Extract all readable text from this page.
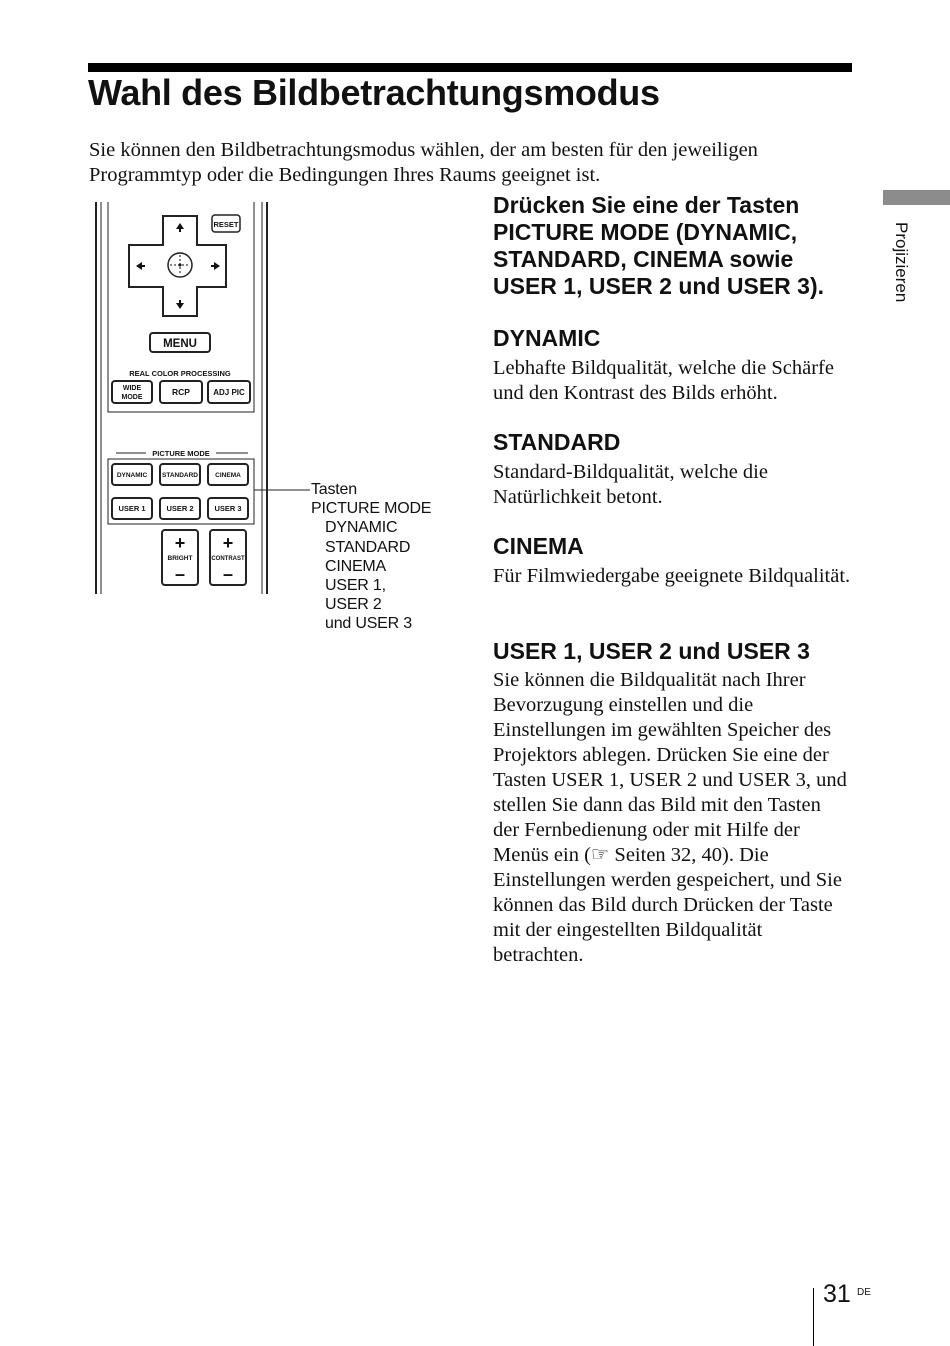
Wahl des Bildbetrachtungsmodus

Sie können den Bildbetrachtungsmodus wählen, der am besten für den jeweiligen Programmtyp oder die Bedingungen Ihres Raums geeignet ist.

Projizieren
RESET
MENU
REAL COLOR PROCESSING
WIDE
MODE
RCP	ADJ PIC
PICTURE MODE
DYNAMIC STANDARD	CINEMA
USER 1	USER 2	USER 3
+
BRIGHT
–
+
CONTRAST
–
Tasten
PICTURE MODE
DYNAMIC
STANDARD
CINEMA
USER 1,
USER 2
und USER 3

Drücken Sie eine der Tasten PICTURE MODE (DYNAMIC, STANDARD, CINEMA sowie USER 1, USER 2 und USER 3).

DYNAMIC

Lebhafte Bildqualität, welche die Schärfe und den Kontrast des Bilds erhöht.

STANDARD

Standard-Bildqualität, welche die Natürlichkeit betont.

CINEMA

Für Filmwiedergabe geeignete Bildqualität.

USER 1, USER 2 und USER 3

Sie können die Bildqualität nach Ihrer Bevorzugung einstellen und die Einstellungen im gewählten Speicher des Projektors ablegen. Drücken Sie eine der Tasten USER 1, USER 2 und USER 3, und stellen Sie dann das Bild mit den Tasten der Fernbedienung oder mit Hilfe der Menüs ein (☞ Seiten 32, 40). Die Einstellungen werden gespeichert, und Sie können das Bild durch Drücken der Taste mit der eingestellten Bildqualität betrachten.

31 DE
